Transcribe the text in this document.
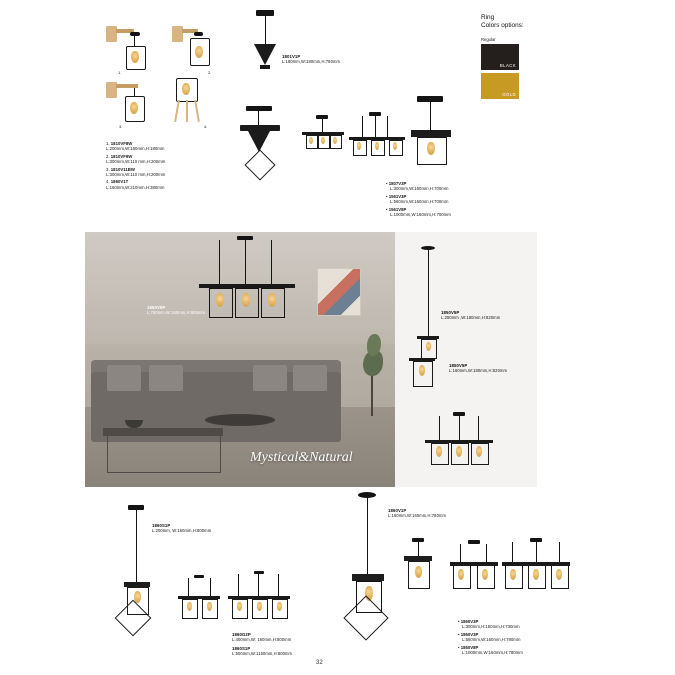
1.	2.
3.	4.
1. 1810VF8W
L:200mm,W:160mm,H:180mm
2. 1810VF9W
L:300mm,W:110 mm,H:200mm
3. 1810V11BW
L:300mm,W:110 mm,H:200mm
4. 1860V1T
L:160mm,W:210mm,H:380mm
1801V1P
L:180mm,W:180mm,H:780mm
• 1807V3P
L:300mm,W:160mm,H:700mm
• 1561V3P
L:560mm,W:160mm,H:700mm
• 1561V8P
L:1000mm,W:160mm,H:700mm
Ring
Colors options:
Regular
BLACK
GOLD
Mystical&Natural
1850V5P
L:750mm,W:160mm,H:800mm	1850V5P
L:250mm ,W:180mm,H:820mm
1850V5P
L:160mm,W:180mm,H:820mm
1860S1P
L:200mm, W:160mm,H:800mm
1860G2P
L:400mm,W: 160mm,H:800mm
1860S1P
L:500mm,W:1160mm,H:800mm
1860V1P
L:160mm,W:160mm,H:780mm
• 1860V3P
L:300mm,H:160mm,H:730mm
• 1860V3P
L:560mm,W:160mm,H:780mm
• 1860V8P
L:1000mm,W:160mm,H:780mm
32
